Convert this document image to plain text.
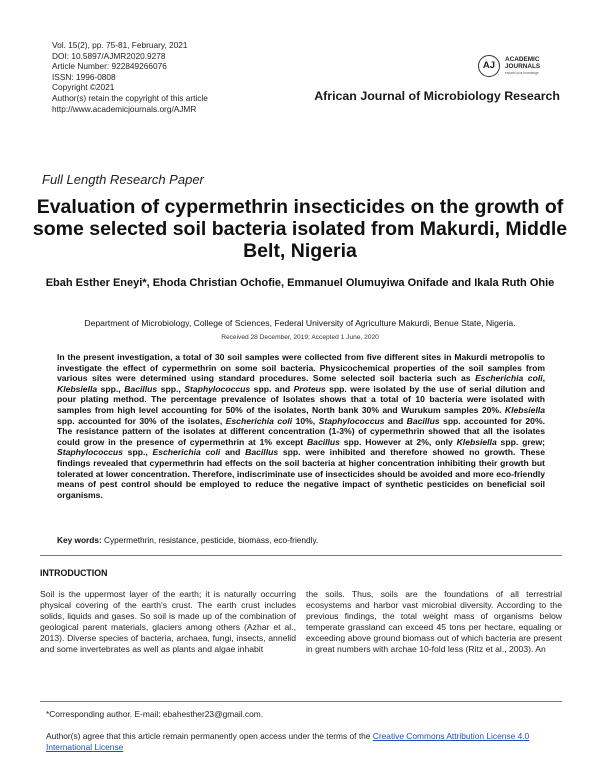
Vol. 15(2), pp. 75-81, February, 2021
DOI: 10.5897/AJMR2020.9278
Article Number: 922849266076
ISSN: 1996-0808
Copyright ©2021
Author(s) retain the copyright of this article
http://www.academicjournals.org/AJMR
AJ
ACADEMIC
JOURNALS
expand your knowledge
African Journal of Microbiology Research
Full Length Research Paper
Evaluation of cypermethrin insecticides on the growth of some selected soil bacteria isolated from Makurdi, Middle Belt, Nigeria
Ebah Esther Eneyi*, Ehoda Christian Ochofie, Emmanuel Olumuyiwa Onifade and Ikala Ruth Ohie
Department of Microbiology, College of Sciences, Federal University of Agriculture Makurdi, Benue State, Nigeria.
Received 28 December, 2019; Accepted 1 June, 2020
In the present investigation, a total of 30 soil samples were collected from five different sites in Makurdi metropolis to investigate the effect of cypermethrin on some soil bacteria. Physicochemical properties of the soil samples from various sites were determined using standard procedures. Some selected soil bacteria such as Escherichia coli, Klebsiella spp., Bacillus spp., Staphylococcus spp. and Proteus spp. were isolated by the use of serial dilution and pour plating method. The percentage prevalence of Isolates shows that a total of 10 bacteria were isolated with samples from high level accounting for 50% of the isolates, North bank 30% and Wurukum samples 20%. Klebsiella spp. accounted for 30% of the isolates, Escherichia coli 10%, Staphylococcus and Bacillus spp. accounted for 20%. The resistance pattern of the isolates at different concentration (1-3%) of cypermethrin showed that all the isolates could grow in the presence of cypermethrin at 1% except Bacillus spp. However at 2%, only Klebsiella spp. grew; Staphylococcus spp., Escherichia coli and Bacillus spp. were inhibited and therefore showed no growth. These findings revealed that cypermethrin had effects on the soil bacteria at higher concentration inhibiting their growth but tolerated at lower concentration. Therefore, indiscriminate use of insecticides should be avoided and more eco-friendly means of pest control should be employed to reduce the negative impact of synthetic pesticides on beneficial soil organisms.
Key words: Cypermethrin, resistance, pesticide, biomass, eco-friendly.
INTRODUCTION
Soil is the uppermost layer of the earth; it is naturally occurring physical covering of the earth's crust. The earth crust includes solids, liquids and gases. So soil is made up of the combination of geological parent materials, glaciers among others (Azhar et al., 2013). Diverse species of bacteria, archaea, fungi, insects, annelid and some invertebrates as well as plants and algae inhabit
the soils. Thus, soils are the foundations of all terrestrial ecosystems and harbor vast microbial diversity. According to the previous findings, the total weight mass of organisms below temperate grassland can exceed 45 tons per hectare, equaling or exceeding above ground biomass out of which bacteria are present in great numbers with archae 10-fold less (Ritz et al., 2003). An
*Corresponding author. E-mail: ebahesther23@gmail.com.
Author(s) agree that this article remain permanently open access under the terms of the Creative Commons Attribution License 4.0 International License
